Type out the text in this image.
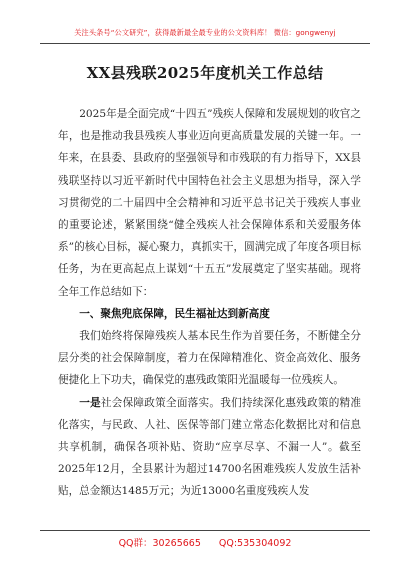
关注头条号“公文研究”，获得最新最全最专业的公文资料库！ 微信：gongwenyj
XX县残联2025年度机关工作总结

2025年是全面完成“十四五”残疾人保障和发展规划的收官之年，也是推动我县残疾人事业迈向更高质量发展的关键一年。一年来，在县委、县政府的坚强领导和市残联的有力指导下，XX县残联坚持以习近平新时代中国特色社会主义思想为指导，深入学习贯彻党的二十届四中全会精神和习近平总书记关于残疾人事业的重要论述，紧紧围绕“健全残疾人社会保障体系和关爱服务体系”的核心目标，凝心聚力，真抓实干，圆满完成了年度各项目标任务，为在更高起点上谋划“十五五”发展奠定了坚实基础。现将全年工作总结如下：

一、聚焦兜底保障，民生福祉达到新高度

我们始终将保障残疾人基本民生作为首要任务，不断健全分层分类的社会保障制度，着力在保障精准化、资金高效化、服务便捷化上下功夫，确保党的惠残政策阳光温暖每一位残疾人。

一是社会保障政策全面落实。我们持续深化惠残政策的精准化落实，与民政、人社、医保等部门建立常态化数据比对和信息共享机制，确保各项补贴、资助“应享尽享、不漏一人”。截至2025年12月，全县累计为超过14700名困难残疾人发放生活补贴，总金额达1485万元；为近13000名重度残疾人发

QQ群：30265665 QQ:535304092
